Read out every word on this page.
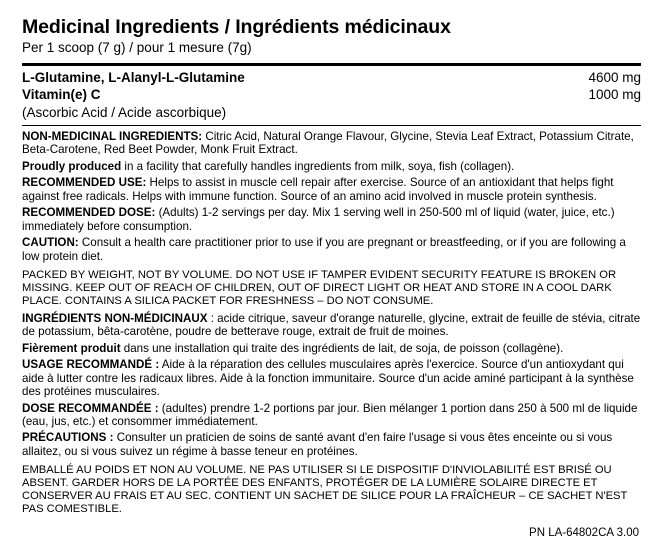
Medicinal Ingredients / Ingrédients médicinaux
Per 1 scoop (7 g) / pour 1 mesure (7g)
L-Glutamine, L-Alanyl-L-Glutamine	4600 mg
Vitamin(e) C	1000 mg
(Ascorbic Acid / Acide ascorbique)	

NON-MEDICINAL INGREDIENTS: Citric Acid, Natural Orange Flavour, Glycine, Stevia Leaf Extract, Potassium Citrate, Beta-Carotene, Red Beet Powder, Monk Fruit Extract.

Proudly produced in a facility that carefully handles ingredients from milk, soya, fish (collagen).

RECOMMENDED USE: Helps to assist in muscle cell repair after exercise. Source of an antioxidant that helps fight against free radicals. Helps with immune function. Source of an amino acid involved in muscle protein synthesis.

RECOMMENDED DOSE: (Adults) 1-2 servings per day. Mix 1 serving well in 250-500 ml of liquid (water, juice, etc.) immediately before consumption.

CAUTION: Consult a health care practitioner prior to use if you are pregnant or breastfeeding, or if you are following a low protein diet.

PACKED BY WEIGHT, NOT BY VOLUME. DO NOT USE IF TAMPER EVIDENT SECURITY FEATURE IS BROKEN OR MISSING. KEEP OUT OF REACH OF CHILDREN, OUT OF DIRECT LIGHT OR HEAT AND STORE IN A COOL DARK PLACE. CONTAINS A SILICA PACKET FOR FRESHNESS – DO NOT CONSUME.

INGRÉDIENTS NON-MÉDICINAUX : acide citrique, saveur d'orange naturelle, glycine, extrait de feuille de stévia, citrate de potassium, bêta-carotène, poudre de betterave rouge, extrait de fruit de moines.

Fièrement produit dans une installation qui traite des ingrédients de lait, de soja, de poisson (collagène).

USAGE RECOMMANDÉ : Aide à la réparation des cellules musculaires après l'exercice. Source d'un antioxydant qui aide à lutter contre les radicaux libres. Aide à la fonction immunitaire. Source d'un acide aminé participant à la synthèse des protéines musculaires.

DOSE RECOMMANDÉE : (adultes) prendre 1-2 portions par jour. Bien mélanger 1 portion dans 250 à 500 ml de liquide (eau, jus, etc.) et consommer immédiatement.

PRÉCAUTIONS : Consulter un praticien de soins de santé avant d'en faire l'usage si vous êtes enceinte ou si vous allaitez, ou si vous suivez un régime à basse teneur en protéines.

EMBALLÉ AU POIDS ET NON AU VOLUME. NE PAS UTILISER SI LE DISPOSITIF D'INVIOLABILITÉ EST BRISÉ OU ABSENT. GARDER HORS DE LA PORTÉE DES ENFANTS, PROTÉGER DE LA LUMIÈRE SOLAIRE DIRECTE ET CONSERVER AU FRAIS ET AU SEC. CONTIENT UN SACHET DE SILICE POUR LA FRAÎCHEUR – CE SACHET N'EST PAS COMESTIBLE.

PN LA-64802CA 3.00
